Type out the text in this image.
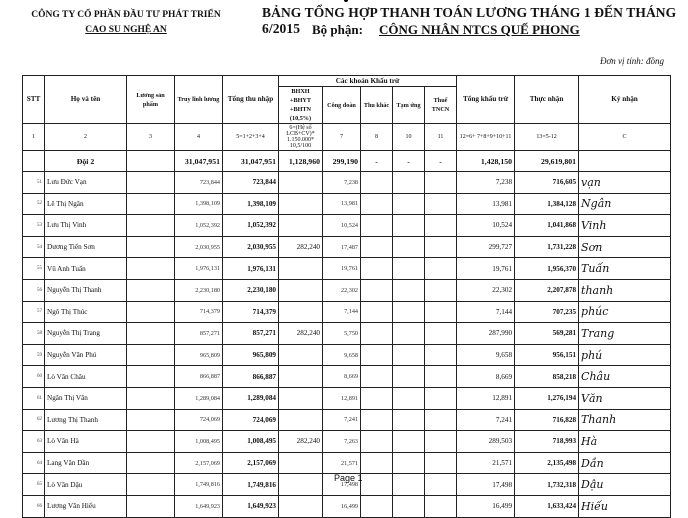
CÔNG TY CỔ PHẦN ĐẦU TƯ PHÁT TRIỂN
CAO SU NGHỆ AN
BẢNG TỔNG HỢP THANH TOÁN LƯƠNG THÁNG 1 ĐẾN THÁNG 6/2015 Bộ phận: CÔNG NHÂN NTCS QUẾ PHONG
Đơn vị tính: đồng
STT	Họ và tên	Lương sản phẩm	Truy lĩnh lương	Tổng thu nhập	Các khoản Khấu trừ					Tổng khấu trừ	Thực nhận	Ký nhận
					BHXH +BHYT +BHTN (10,5%)	Công đoàn	Thu khác	Tạm ứng	Thuế TNCN			
1	2	3	4	5=1+2+3+4	6=(Hệ số LCB+CV)* 1.150.000* 10,5/100	7	8	10	11	12=6+ 7+8+9+10+11	13=5-12	C
	Đội 2		31,047,951	31,047,951	1,128,960	299,190	-	-	-	1,428,150	29,619,801	
51	Lưu Đức Vạn		723,844	723,844		7,238				7,238	716,605	vạn
52	Lê Thị Ngân		1,398,109	1,398,109		13,981				13,981	1,384,128	Ngân
53	Lưu Thị Vinh		1,052,392	1,052,392		10,524				10,524	1,041,868	Vinh
54	Dương Tiến Sơn		2,030,955	2,030,955	282,240	17,487				299,727	1,731,228	Sơn
55	Vũ Anh Tuấn		1,976,131	1,976,131		19,761				19,761	1,956,370	Tuấn
56	Nguyễn Thị Thanh		2,230,180	2,230,180		22,302				22,302	2,207,878	thanh
57	Ngô Thị Thúc		714,379	714,379		7,144				7,144	707,235	phúc
58	Nguyễn Thị Trang		857,271	857,271	282,240	5,750				287,990	569,281	Trang
59	Nguyễn Văn Phú		965,809	965,809		9,658				9,658	956,151	phú
60	Lò Văn Châu		866,887	866,887		8,669				8,669	858,218	Châu
61	Ngân Thị Văn		1,289,084	1,289,084		12,891				12,891	1,276,194	Văn
62	Lương Thị Thanh		724,069	724,069		7,241				7,241	716,828	Thanh
63	Lò Văn Hà		1,008,495	1,008,495	282,240	7,263				289,503	718,993	Hà
64	Lang Văn Dần		2,157,069	2,157,069		21,571				21,571	2,135,498	Dần
65	Lò Văn Dậu		1,749,816	1,749,816		17,498				17,498	1,732,318	Dậu
66	Lương Văn Hiếu		1,649,923	1,649,923		16,499				16,499	1,633,424	Hiếu
Page 1
